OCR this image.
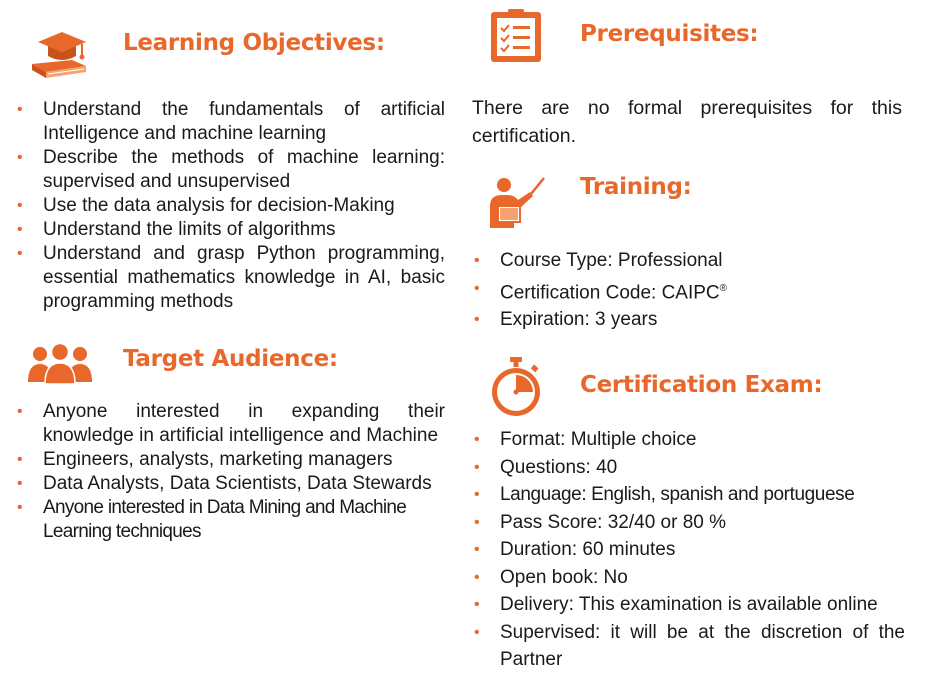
Learning Objectives:
• Understand the fundamentals of artificial Intelligence and machine learning
• Describe the methods of machine learning: supervised and unsupervised
• Use the data analysis for decision-Making
• Understand the limits of algorithms
• Understand and grasp Python programming, essential mathematics knowledge in AI, basic programming methods
Target Audience:
• Anyone interested in expanding their knowledge in artificial intelligence and Machine
• Engineers, analysts, marketing managers
• Data Analysts, Data Scientists, Data Stewards
• Anyone interested in Data Mining and Machine Learning techniques
Prerequisites:

There are no formal prerequisites for this certification.

Training:
• Course Type: Professional
• Certification Code: CAIPC®
• Expiration: 3 years
Certification Exam:
• Format: Multiple choice
• Questions: 40
• Language: English, spanish and portuguese
• Pass Score: 32/40 or 80 %
• Duration: 60 minutes
• Open book: No
• Delivery: This examination is available online
• Supervised: it will be at the discretion of the Partner
